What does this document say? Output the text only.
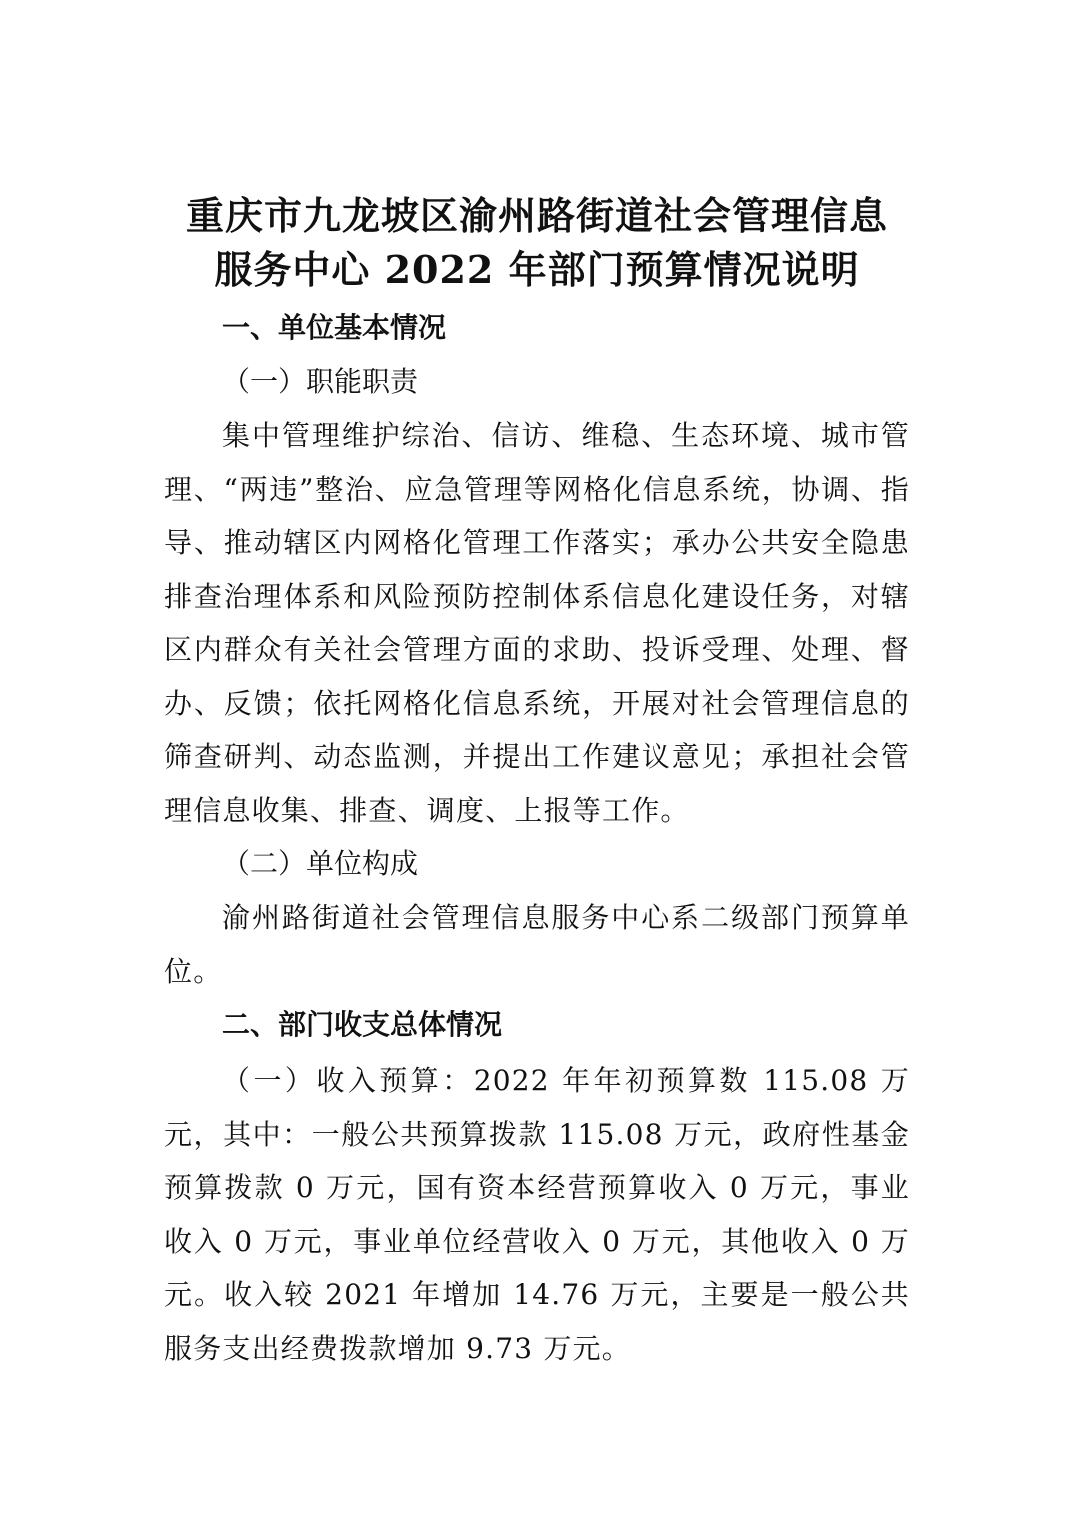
重庆市九龙坡区渝州路街道社会管理信息
服务中心 2022 年部门预算情况说明
一、单位基本情况
（一）职能职责

集中管理维护综治、信访、维稳、生态环境、城市管理、“两违”整治、应急管理等网格化信息系统，协调、指导、推动辖区内网格化管理工作落实；承办公共安全隐患排查治理体系和风险预防控制体系信息化建设任务，对辖区内群众有关社会管理方面的求助、投诉受理、处理、督办、反馈；依托网格化信息系统，开展对社会管理信息的筛查研判、动态监测，并提出工作建议意见；承担社会管理信息收集、排查、调度、上报等工作。

（二）单位构成

渝州路街道社会管理信息服务中心系二级部门预算单位。

二、部门收支总体情况

（一）收入预算：2022 年年初预算数 115.08 万元，其中：一般公共预算拨款 115.08 万元，政府性基金预算拨款 0 万元，国有资本经营预算收入 0 万元，事业收入 0 万元，事业单位经营收入 0 万元，其他收入 0 万元。收入较 2021 年增加 14.76 万元，主要是一般公共服务支出经费拨款增加 9.73 万元。
